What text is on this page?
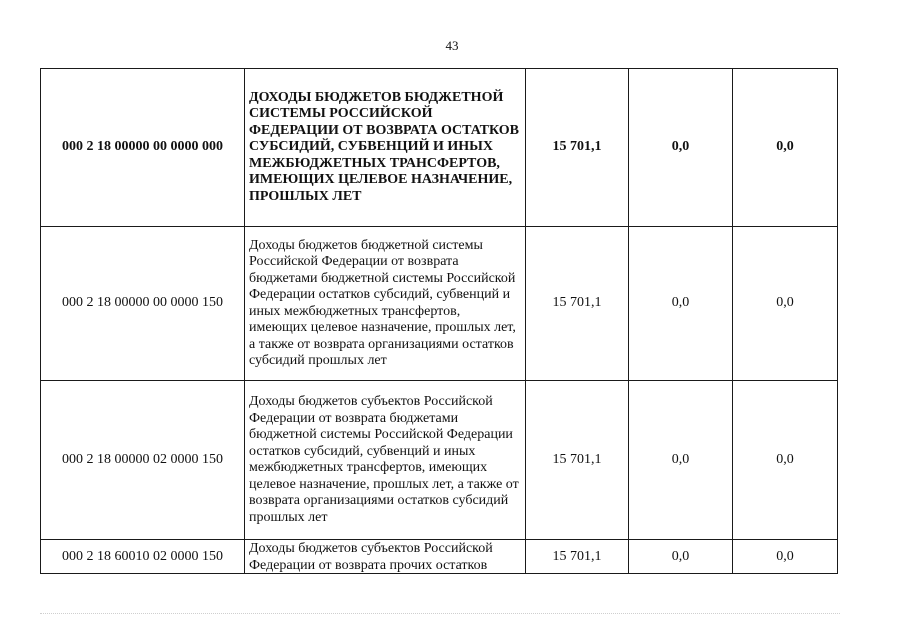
43
000 2 18 00000 00 0000 000	ДОХОДЫ БЮДЖЕТОВ БЮДЖЕТНОЙ СИСТЕМЫ РОССИЙСКОЙ ФЕДЕРАЦИИ ОТ ВОЗВРАТА ОСТАТКОВ СУБСИДИЙ, СУБВЕНЦИЙ И ИНЫХ МЕЖБЮДЖЕТНЫХ ТРАНСФЕРТОВ, ИМЕЮЩИХ ЦЕЛЕВОЕ НАЗНАЧЕНИЕ, ПРОШЛЫХ ЛЕТ	15 701,1	0,0	0,0
000 2 18 00000 00 0000 150	Доходы бюджетов бюджетной системы Российской Федерации от возврата бюджетами бюджетной системы Российской Федерации остатков субсидий, субвенций и иных межбюджетных трансфертов, имеющих целевое назначение, прошлых лет, а также от возврата организациями остатков субсидий прошлых лет	15 701,1	0,0	0,0
000 2 18 00000 02 0000 150	Доходы бюджетов субъектов Российской Федерации от возврата бюджетами бюджетной системы Российской Федерации остатков субсидий, субвенций и иных межбюджетных трансфертов, имеющих целевое назначение, прошлых лет, а также от возврата организациями остатков субсидий прошлых лет	15 701,1	0,0	0,0

000 2 18 60010 02 0000 150	Доходы бюджетов субъектов Российской Федерации от возврата прочих остатков	15 701,1	0,0	0,0
